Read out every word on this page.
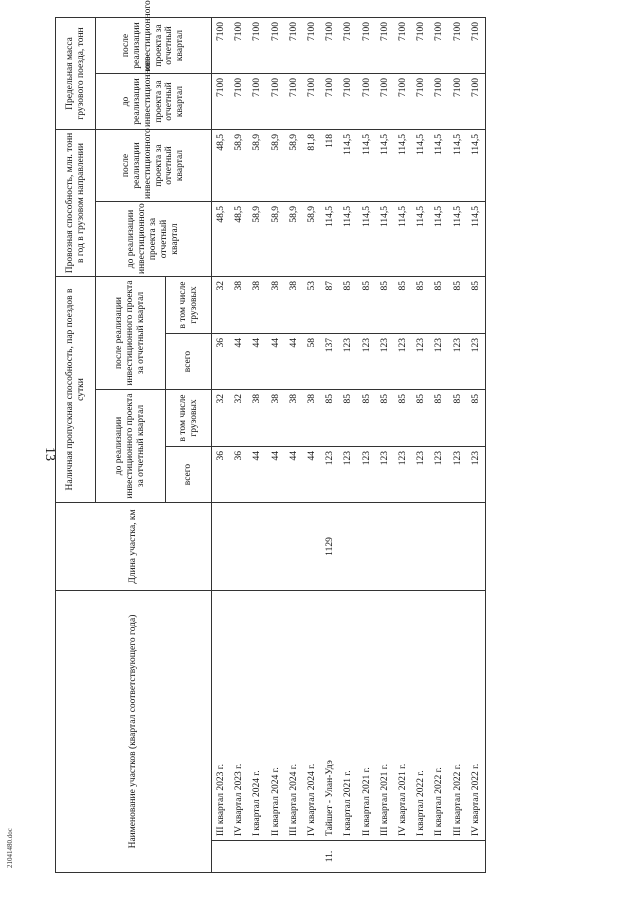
13
Наименование участков (квартал соответствующего года)		Длина участка, км	Наличная пропускная способность, пар поездов в сутки				Провозная способность, млн. тонн в год в грузовом направлении		Предельная масса грузового поезда, тонн	
			до реализации инвестиционного проекта за отчетный квартал		после реализации инвестиционного проекта за отчетный квартал		до реализации инвестиционного проекта за отчетный квартал	после реализации инвестиционного проекта за отчетный квартал	до реализации инвестиционного проекта за отчетный квартал	после реализации инвестиционного проекта за отчетный квартал
			всего	в том числе грузовых	всего	в том числе грузовых				
	III квартал 2023 г.		36	32	36	32	48,5	48,5	7100	7100
	IV квартал 2023 г.		36	32	44	38	48,5	58,9	7100	7100
	I квартал 2024 г.		44	38	44	38	58,9	58,9	7100	7100
	II квартал 2024 г.		44	38	44	38	58,9	58,9	7100	7100
	III квартал 2024 г.		44	38	44	38	58,9	58,9	7100	7100
	IV квартал 2024 г.		44	38	58	53	58,9	81,8	7100	7100
11.	Тайшет - Улан-Удэ	1129	123	85	137	87	114,5	118	7100	7100
	I квартал 2021 г.		123	85	123	85	114,5	114,5	7100	7100
	II квартал 2021 г.		123	85	123	85	114,5	114,5	7100	7100
	III квартал 2021 г.		123	85	123	85	114,5	114,5	7100	7100
	IV квартал 2021 г.		123	85	123	85	114,5	114,5	7100	7100
	I квартал 2022 г.		123	85	123	85	114,5	114,5	7100	7100
	II квартал 2022 г.		123	85	123	85	114,5	114,5	7100	7100
	III квартал 2022 г.		123	85	123	85	114,5	114,5	7100	7100
	IV квартал 2022 г.		123	85	123	85	114,5	114,5	7100	7100
21041480.doc
